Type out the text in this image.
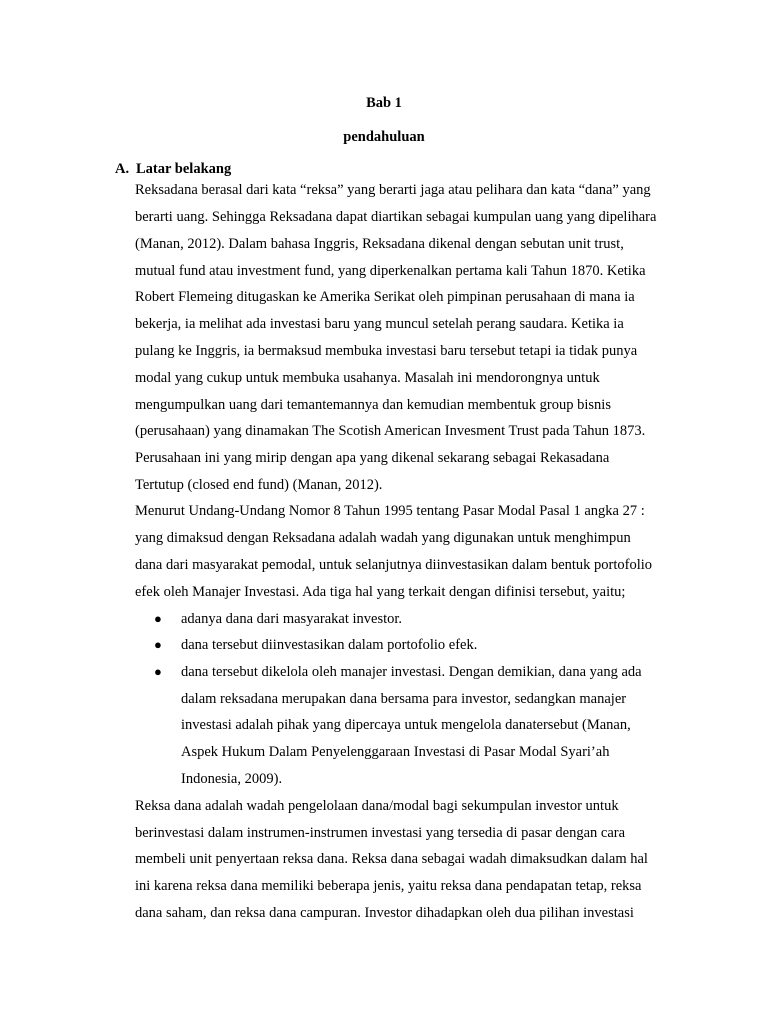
Bab 1
pendahuluan
A. Latar belakang
Reksadana berasal dari kata “reksa” yang berarti jaga atau pelihara dan kata “dana” yang
berarti uang. Sehingga Reksadana dapat diartikan sebagai kumpulan uang yang dipelihara
(Manan, 2012). Dalam bahasa Inggris, Reksadana dikenal dengan sebutan unit trust,
mutual fund atau investment fund, yang diperkenalkan pertama kali Tahun 1870. Ketika
Robert Flemeing ditugaskan ke Amerika Serikat oleh pimpinan perusahaan di mana ia
bekerja, ia melihat ada investasi baru yang muncul setelah perang saudara. Ketika ia
pulang ke Inggris, ia bermaksud membuka investasi baru tersebut tetapi ia tidak punya
modal yang cukup untuk membuka usahanya. Masalah ini mendorongnya untuk
mengumpulkan uang dari temantemannya dan kemudian membentuk group bisnis
(perusahaan) yang dinamakan The Scotish American Invesment Trust pada Tahun 1873.
Perusahaan ini yang mirip dengan apa yang dikenal sekarang sebagai Rekasadana
Tertutup (closed end fund) (Manan, 2012).
Menurut Undang-Undang Nomor 8 Tahun 1995 tentang Pasar Modal Pasal 1 angka 27 :
yang dimaksud dengan Reksadana adalah wadah yang digunakan untuk menghimpun
dana dari masyarakat pemodal, untuk selanjutnya diinvestasikan dalam bentuk portofolio
efek oleh Manajer Investasi. Ada tiga hal yang terkait dengan difinisi tersebut, yaitu;
● adanya dana dari masyarakat investor.
● dana tersebut diinvestasikan dalam portofolio efek.
● dana tersebut dikelola oleh manajer investasi. Dengan demikian, dana yang ada
dalam reksadana merupakan dana bersama para investor, sedangkan manajer
investasi adalah pihak yang dipercaya untuk mengelola danatersebut (Manan,
Aspek Hukum Dalam Penyelenggaraan Investasi di Pasar Modal Syari’ah
Indonesia, 2009).
Reksa dana adalah wadah pengelolaan dana/modal bagi sekumpulan investor untuk
berinvestasi dalam instrumen-instrumen investasi yang tersedia di pasar dengan cara
membeli unit penyertaan reksa dana. Reksa dana sebagai wadah dimaksudkan dalam hal
ini karena reksa dana memiliki beberapa jenis, yaitu reksa dana pendapatan tetap, reksa
dana saham, dan reksa dana campuran. Investor dihadapkan oleh dua pilihan investasi
